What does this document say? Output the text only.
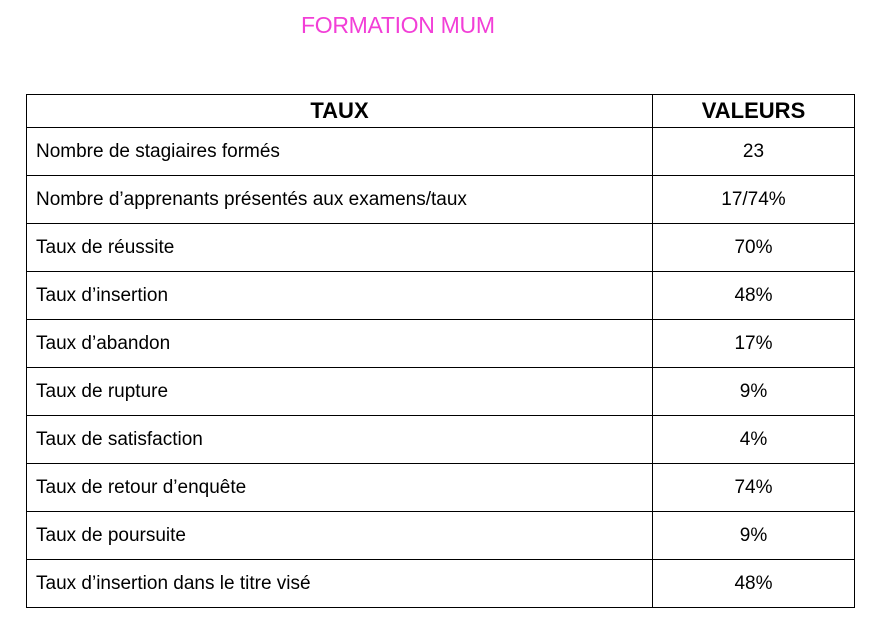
FORMATION MUM
TAUX	VALEURS
Nombre de stagiaires formés	23
Nombre d’apprenants présentés aux examens/taux	17/74%
Taux de réussite	70%
Taux d’insertion	48%
Taux d’abandon	17%
Taux de rupture	9%
Taux de satisfaction	4%
Taux de retour d’enquête	74%
Taux de poursuite	9%
Taux d’insertion dans le titre visé	48%
